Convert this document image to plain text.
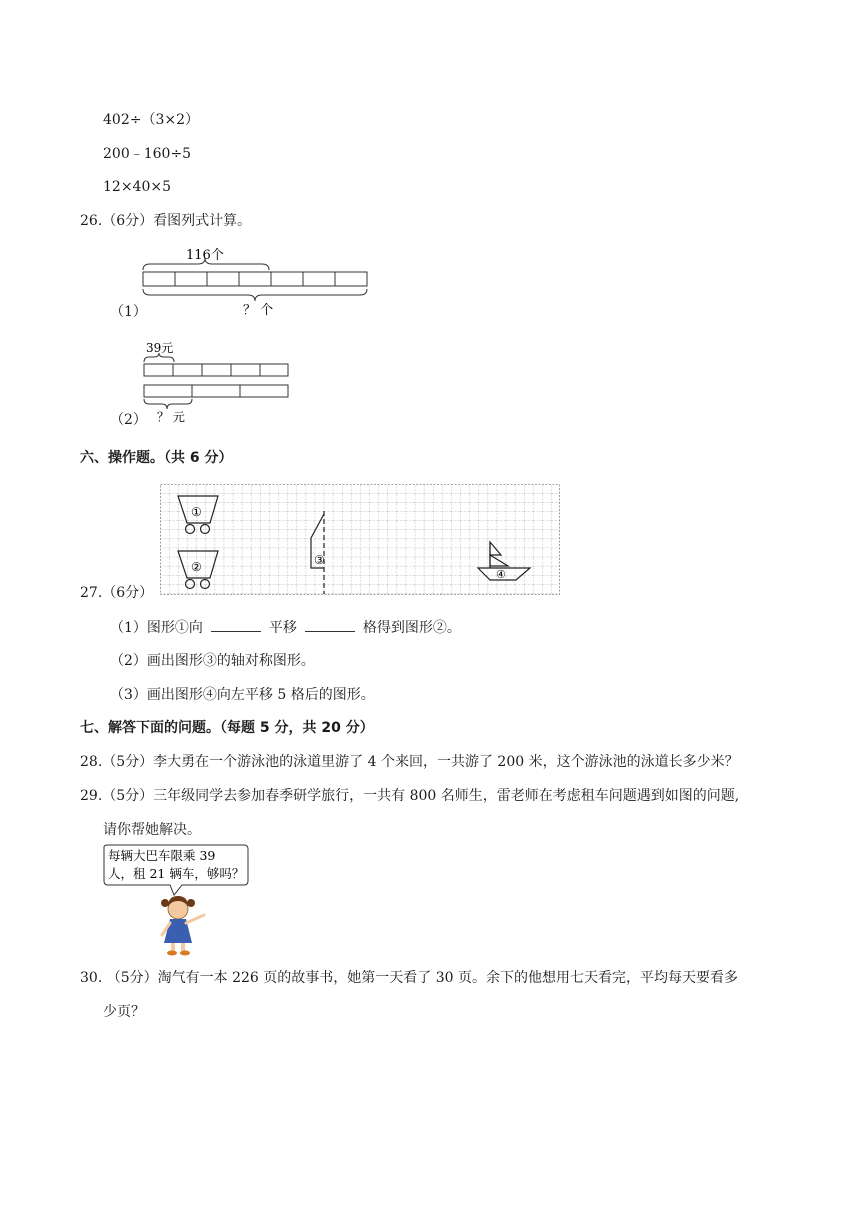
402÷（3×2）
200﹣160÷5
12×40×5
26.（6分）看图列式计算。
116个
？ 个
（1）
39元
？ 元
（2）
六、操作题。（共 6 分）
①
②	③
④
27.（6分）
（1）图形①向	平移	格得到图形②。
（2）画出图形③的轴对称图形。
（3）画出图形④向左平移 5 格后的图形。
七、解答下面的问题。（每题 5 分，共 20 分）
28.（5分）李大勇在一个游泳池的泳道里游了 4 个来回，一共游了 200 米，这个游泳池的泳道长多少米？
29.（5分）三年级同学去参加春季研学旅行，一共有 800 名师生，雷老师在考虑租车问题遇到如图的问题,
请你帮她解决。
每辆大巴车限乘 39
人，租 21 辆车，够吗？
30. （5分）淘气有一本 226 页的故事书，她第一天看了 30 页。余下的他想用七天看完，平均每天要看多
少页？
